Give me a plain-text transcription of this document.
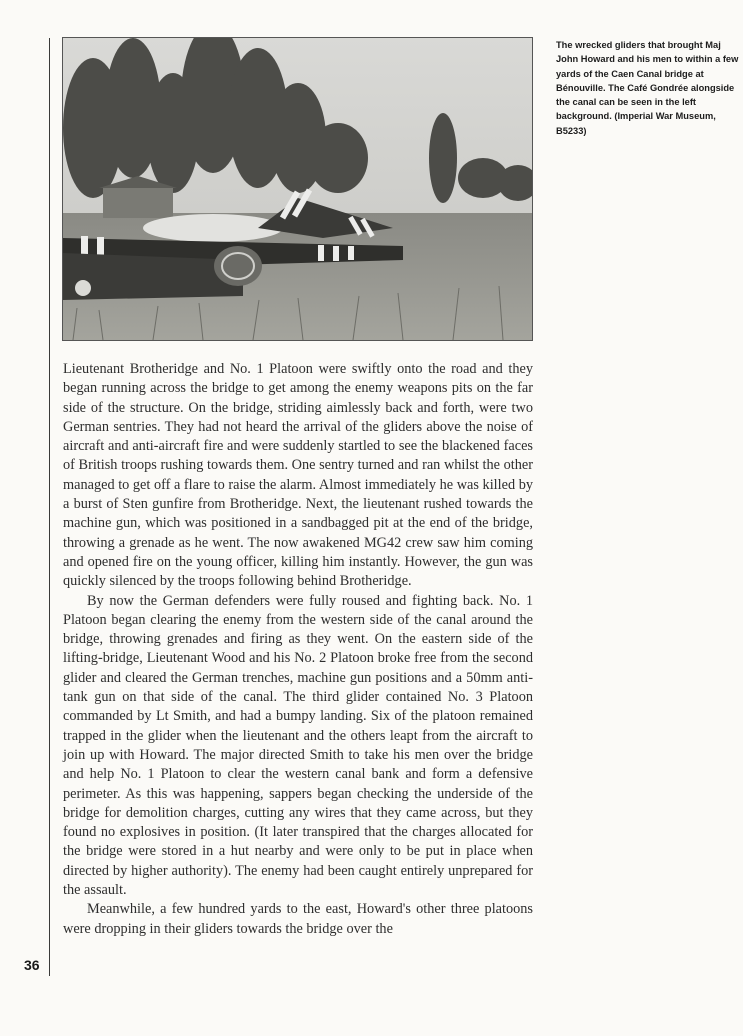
The wrecked gliders that brought Maj John Howard and his men to within a few yards of the Caen Canal bridge at Bénouville. The Café Gondrée alongside the canal can be seen in the left background. (Imperial War Museum, B5233)

Lieutenant Brotheridge and No. 1 Platoon were swiftly onto the road and they began running across the bridge to get among the enemy weapons pits on the far side of the structure. On the bridge, striding aimlessly back and forth, were two German sentries. They had not heard the arrival of the gliders above the noise of aircraft and anti-aircraft fire and were suddenly startled to see the blackened faces of British troops rushing towards them. One sentry turned and ran whilst the other managed to get off a flare to raise the alarm. Almost immediately he was killed by a burst of Sten gunfire from Brotheridge. Next, the lieutenant rushed towards the machine gun, which was positioned in a sandbagged pit at the end of the bridge, throwing a grenade as he went. The now awakened MG42 crew saw him coming and opened fire on the young officer, killing him instantly. However, the gun was quickly silenced by the troops following behind Brotheridge.

By now the German defenders were fully roused and fighting back. No. 1 Platoon began clearing the enemy from the western side of the canal around the bridge, throwing grenades and firing as they went. On the eastern side of the lifting-bridge, Lieutenant Wood and his No. 2 Platoon broke free from the second glider and cleared the German trenches, machine gun positions and a 50mm anti-tank gun on that side of the canal. The third glider contained No. 3 Platoon commanded by Lt Smith, and had a bumpy landing. Six of the platoon remained trapped in the glider when the lieutenant and the others leapt from the aircraft to join up with Howard. The major directed Smith to take his men over the bridge and help No. 1 Platoon to clear the western canal bank and form a defensive perimeter. As this was happening, sappers began checking the underside of the bridge for demolition charges, cutting any wires that they came across, but they found no explosives in position. (It later transpired that the charges allocated for the bridge were stored in a hut nearby and were only to be put in place when directed by higher authority). The enemy had been caught entirely unprepared for the assault.

Meanwhile, a few hundred yards to the east, Howard's other three platoons were dropping in their gliders towards the bridge over the

36
